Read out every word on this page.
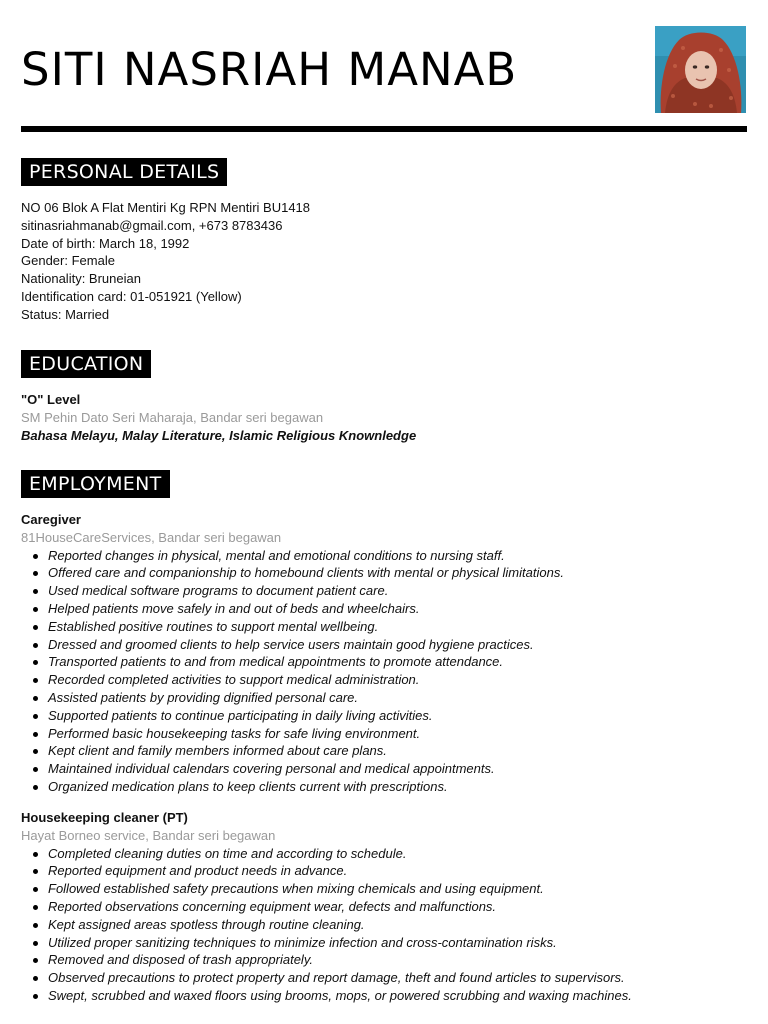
SITI NASRIAH MANAB
PERSONAL DETAILS
NO 06 Blok A Flat Mentiri Kg RPN Mentiri BU1418
sitinasriahmanab@gmail.com, +673 8783436
Date of birth: March 18, 1992
Gender: Female
Nationality: Bruneian
Identification card: 01-051921 (Yellow)
Status: Married
EDUCATION
"O" Level
SM Pehin Dato Seri Maharaja, Bandar seri begawan
Bahasa Melayu, Malay Literature, Islamic Religious Knownledge
EMPLOYMENT
Caregiver
81HouseCareServices, Bandar seri begawan
Reported changes in physical, mental and emotional conditions to nursing staff.
Offered care and companionship to homebound clients with mental or physical limitations.
Used medical software programs to document patient care.
Helped patients move safely in and out of beds and wheelchairs.
Established positive routines to support mental wellbeing.
Dressed and groomed clients to help service users maintain good hygiene practices.
Transported patients to and from medical appointments to promote attendance.
Recorded completed activities to support medical administration.
Assisted patients by providing dignified personal care.
Supported patients to continue participating in daily living activities.
Performed basic housekeeping tasks for safe living environment.
Kept client and family members informed about care plans.
Maintained individual calendars covering personal and medical appointments.
Organized medication plans to keep clients current with prescriptions.
Housekeeping cleaner (PT)
Hayat Borneo service, Bandar seri begawan
Completed cleaning duties on time and according to schedule.
Reported equipment and product needs in advance.
Followed established safety precautions when mixing chemicals and using equipment.
Reported observations concerning equipment wear, defects and malfunctions.
Kept assigned areas spotless through routine cleaning.
Utilized proper sanitizing techniques to minimize infection and cross-contamination risks.
Removed and disposed of trash appropriately.
Observed precautions to protect property and report damage, theft and found articles to supervisors.
Swept, scrubbed and waxed floors using brooms, mops, or powered scrubbing and waxing machines.
